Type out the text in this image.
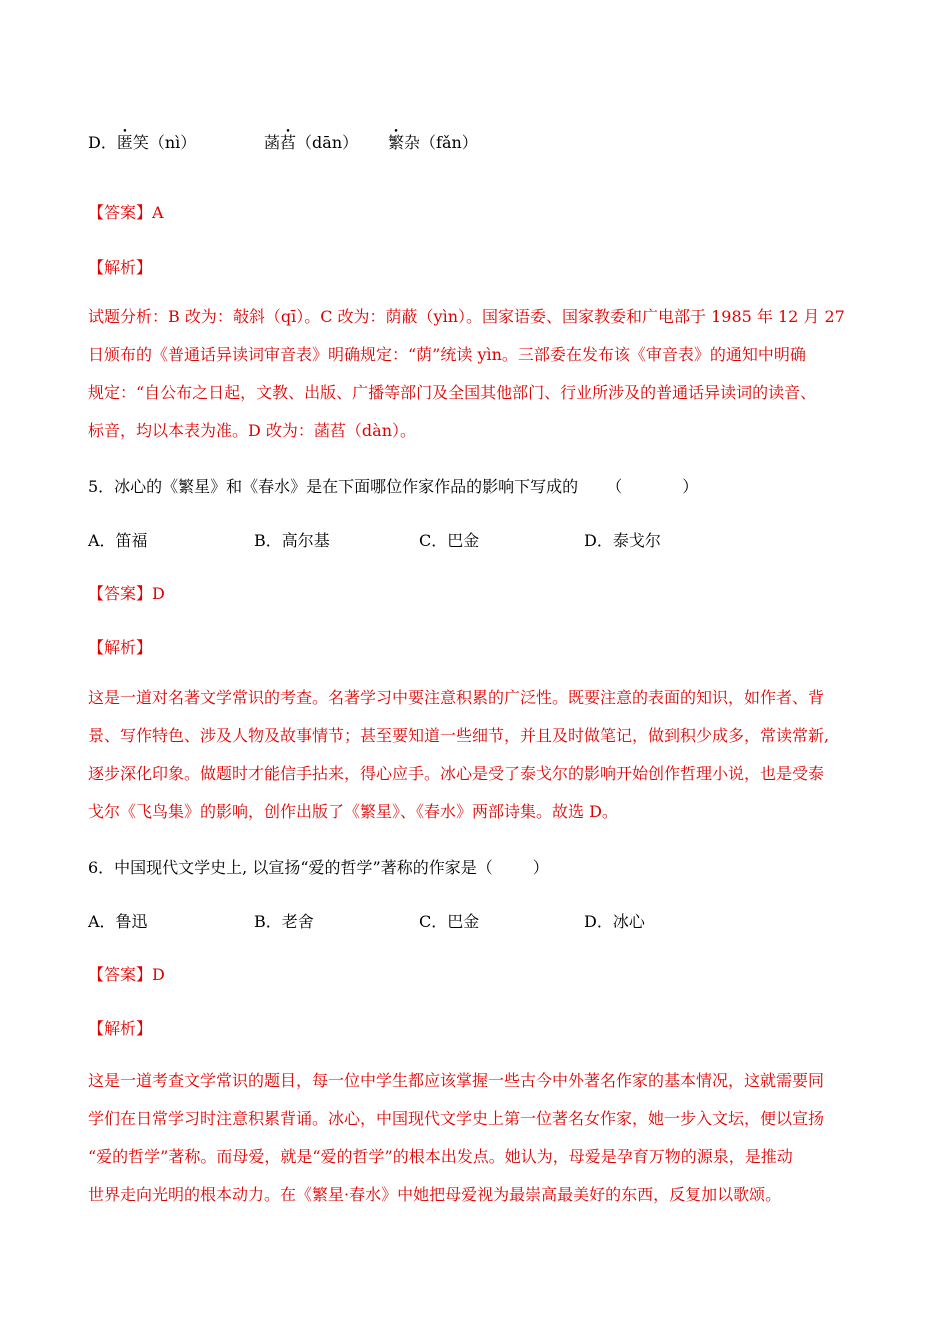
D．匿笑（nì）	菡萏（dān） 繁杂（fǎn）
【答案】A
【解析】
试题分析：B 改为：敧斜（qī）。C 改为：荫蔽（yìn）。国家语委、国家教委和广电部于 1985 年 12 月 27
日颁布的《普通话异读词审音表》明确规定：“荫”统读 yìn。三部委在发布该《审音表》的通知中明确
规定：“自公布之日起，文教、出版、广播等部门及全国其他部门、行业所涉及的普通话异读词的读音、
标音，均以本表为准。D 改为：菡萏（dàn）。
5．冰心的《繁星》和《春水》是在下面哪位作家作品的影响下写成的 （	）
A．笛福	B．高尔基	C．巴金	D．泰戈尔
【答案】D
【解析】
这是一道对名著文学常识的考查。名著学习中要注意积累的广泛性。既要注意的表面的知识，如作者、背
景、写作特色、涉及人物及故事情节；甚至要知道一些细节，并且及时做笔记，做到积少成多，常读常新,
逐步深化印象。做题时才能信手拈来，得心应手。冰心是受了泰戈尔的影响开始创作哲理小说，也是受泰
戈尔《飞鸟集》的影响，创作出版了《繁星》、《春水》两部诗集。故选 D。
6．中国现代文学史上, 以宣扬“爱的哲学”著称的作家是（	）
A．鲁迅	B．老舍	C．巴金	D．冰心
【答案】D
【解析】
这是一道考查文学常识的题目，每一位中学生都应该掌握一些古今中外著名作家的基本情况，这就需要同
学们在日常学习时注意积累背诵。冰心，中国现代文学史上第一位著名女作家，她一步入文坛，便以宣扬
“爱的哲学”著称。而母爱，就是“爱的哲学”的根本出发点。她认为，母爱是孕育万物的源泉，是推动
世界走向光明的根本动力。在《繁星·春水》中她把母爱视为最崇高最美好的东西，反复加以歌颂。
